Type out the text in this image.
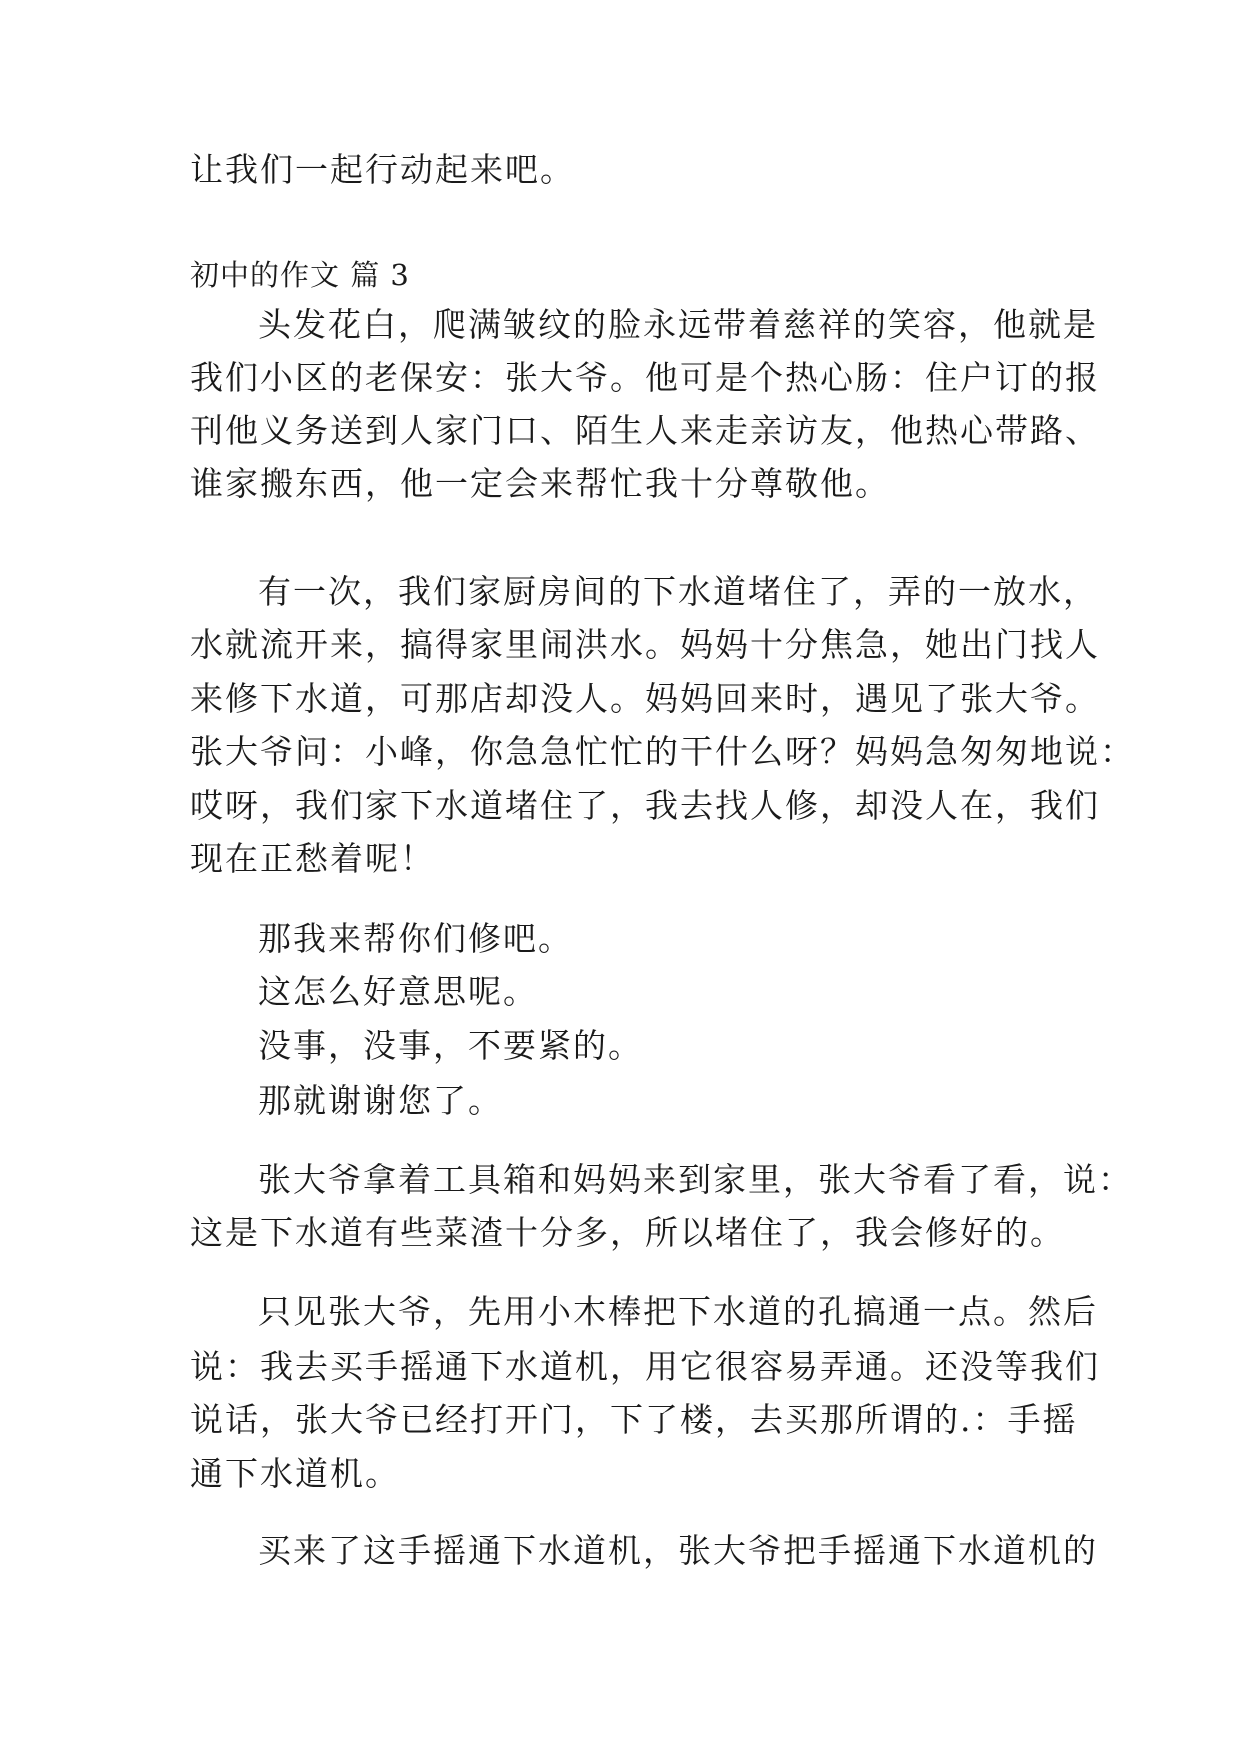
让我们一起行动起来吧。
初中的作文 篇 3
头发花白，爬满皱纹的脸永远带着慈祥的笑容，他就是
我们小区的老保安：张大爷。他可是个热心肠：住户订的报
刊他义务送到人家门口、陌生人来走亲访友，他热心带路、
谁家搬东西，他一定会来帮忙我十分尊敬他。
有一次，我们家厨房间的下水道堵住了，弄的一放水，
水就流开来，搞得家里闹洪水。妈妈十分焦急，她出门找人
来修下水道，可那店却没人。妈妈回来时，遇见了张大爷。
张大爷问：小峰，你急急忙忙的干什么呀？妈妈急匆匆地说：
哎呀，我们家下水道堵住了，我去找人修，却没人在，我们
现在正愁着呢！
那我来帮你们修吧。
这怎么好意思呢。
没事，没事，不要紧的。
那就谢谢您了。
张大爷拿着工具箱和妈妈来到家里，张大爷看了看，说：
这是下水道有些菜渣十分多，所以堵住了，我会修好的。
只见张大爷，先用小木棒把下水道的孔搞通一点。然后
说：我去买手摇通下水道机，用它很容易弄通。还没等我们
说话，张大爷已经打开门，下了楼，去买那所谓的.：手摇
通下水道机。
买来了这手摇通下水道机，张大爷把手摇通下水道机的
